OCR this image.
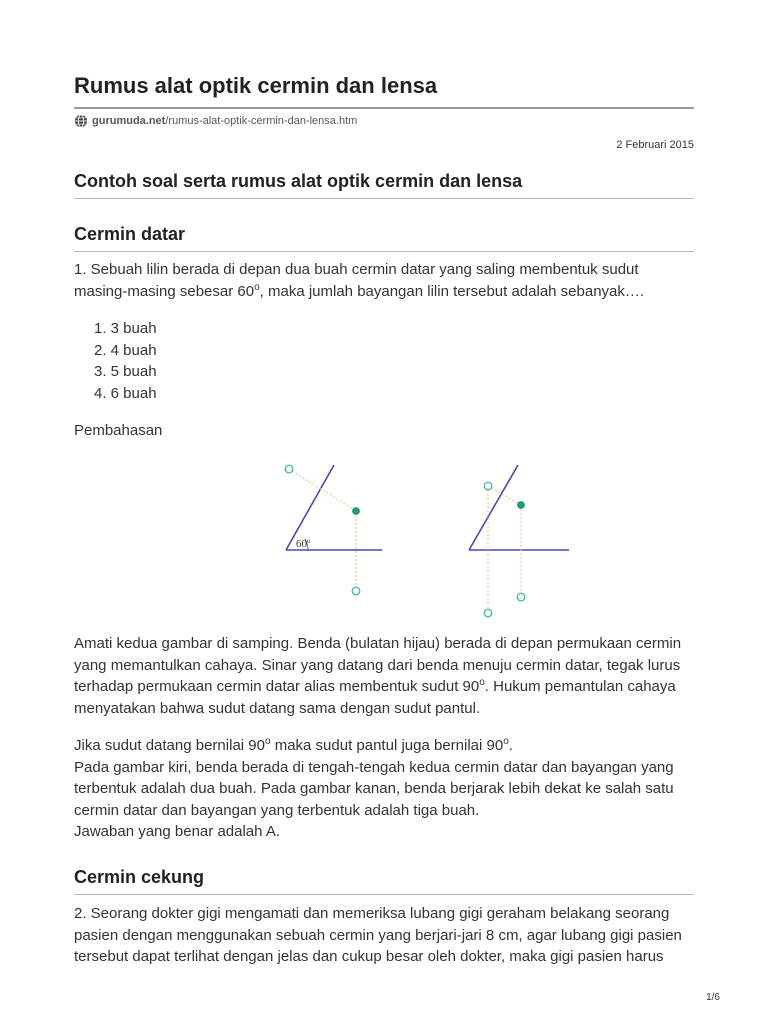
Rumus alat optik cermin dan lensa
gurumuda.net /rumus-alat-optik-cermin-dan-lensa.htm
2 Februari 2015
Contoh soal serta rumus alat optik cermin dan lensa
Cermin datar

1. Sebuah lilin berada di depan dua buah cermin datar yang saling membentuk sudut
masing-masing sebesar 60$^o$, maka jumlah bayangan lilin tersebut adalah sebanyak….

1. 3 buah
2. 4 buah
3. 5 buah
4. 6 buah

Pembahasan

60$^o$

Amati kedua gambar di samping. Benda (bulatan hijau) berada di depan permukaan cermin
yang memantulkan cahaya. Sinar yang datang dari benda menuju cermin datar, tegak lurus
terhadap permukaan cermin datar alias membentuk sudut 90$^o$. Hukum pemantulan cahaya
menyatakan bahwa sudut datang sama dengan sudut pantul.

Jika sudut datang bernilai 90$^o$ maka sudut pantul juga bernilai 90$^o$.
Pada gambar kiri, benda berada di tengah-tengah kedua cermin datar dan bayangan yang
terbentuk adalah dua buah. Pada gambar kanan, benda berjarak lebih dekat ke salah satu
cermin datar dan bayangan yang terbentuk adalah tiga buah.
Jawaban yang benar adalah A.

Cermin cekung

2. Seorang dokter gigi mengamati dan memeriksa lubang gigi geraham belakang seorang
pasien dengan menggunakan sebuah cermin yang berjari-jari 8 cm, agar lubang gigi pasien
tersebut dapat terlihat dengan jelas dan cukup besar oleh dokter, maka gigi pasien harus

1/6
